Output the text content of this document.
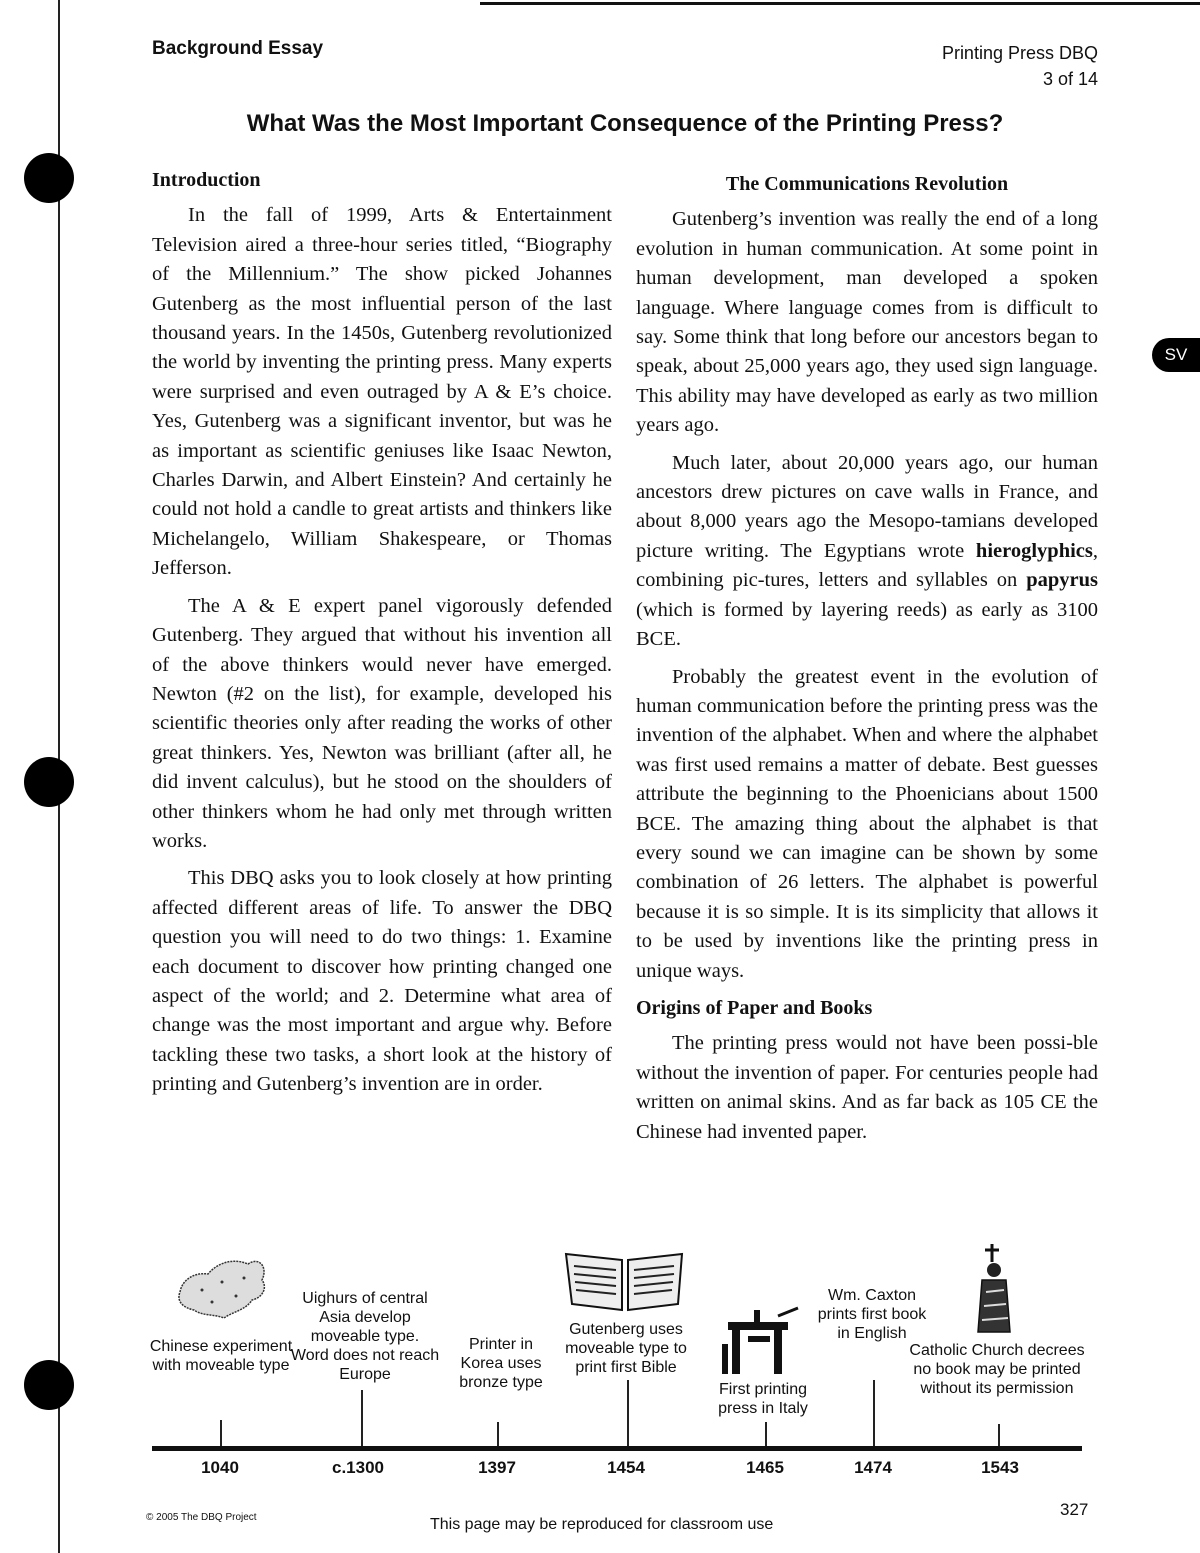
Background Essay	Printing Press DBQ
3 of 14
What Was the Most Important Consequence of the Printing Press?
SV
Introduction

In the fall of 1999, Arts & Entertainment Television aired a three-hour series titled, “Biography of the Millennium.” The show picked Johannes Gutenberg as the most influential person of the last thousand years. In the 1450s, Gutenberg revolutionized the world by inventing the printing press. Many experts were surprised and even outraged by A & E’s choice. Yes, Gutenberg was a significant inventor, but was he as important as scientific geniuses like Isaac Newton, Charles Darwin, and Albert Einstein? And certainly he could not hold a candle to great artists and thinkers like Michelangelo, William Shakespeare, or Thomas Jefferson.

The A & E expert panel vigorously defended Gutenberg. They argued that without his invention all of the above thinkers would never have emerged. Newton (#2 on the list), for example, developed his scientific theories only after reading the works of other great thinkers. Yes, Newton was brilliant (after all, he did invent calculus), but he stood on the shoulders of other thinkers whom he had only met through written works.

This DBQ asks you to look closely at how printing affected different areas of life. To answer the DBQ question you will need to do two things: 1. Examine each document to discover how printing changed one aspect of the world; and 2. Determine what area of change was the most important and argue why. Before tackling these two tasks, a short look at the history of printing and Gutenberg’s invention are in order.

The Communications Revolution

Gutenberg’s invention was really the end of a long evolution in human communication. At some point in human development, man developed a spoken language. Where language comes from is difficult to say. Some think that long before our ancestors began to speak, about 25,000 years ago, they used sign language. This ability may have developed as early as two million years ago.

Much later, about 20,000 years ago, our human ancestors drew pictures on cave walls in France, and about 8,000 years ago the Mesopo-tamians developed picture writing. The Egyptians wrote hieroglyphics, combining pic-tures, letters and syllables on papyrus (which is formed by layering reeds) as early as 3100 BCE.

Probably the greatest event in the evolution of human communication before the printing press was the invention of the alphabet. When and where the alphabet was first used remains a matter of debate. Best guesses attribute the beginning to the Phoenicians about 1500 BCE. The amazing thing about the alphabet is that every sound we can imagine can be shown by some combination of 26 letters. The alphabet is powerful because it is so simple. It is its simplicity that allows it to be used by inventions like the printing press in unique ways.

Origins of Paper and Books

The printing press would not have been possi-ble without the invention of paper. For centuries people had written on animal skins. And as far back as 105 CE the Chinese had invented paper.

Chinese experiment with moveable type
Uighurs of central Asia develop moveable type. Word does not reach Europe
Printer in Korea uses bronze type
Gutenberg uses moveable type to print first Bible
First printing press in Italy
Wm. Caxton prints first book in English
Catholic Church decrees no book may be printed without its permission
1040	c.1300	1397	1454	1465	1474	1543
© 2005 The DBQ Project	This page may be reproduced for classroom use
327
